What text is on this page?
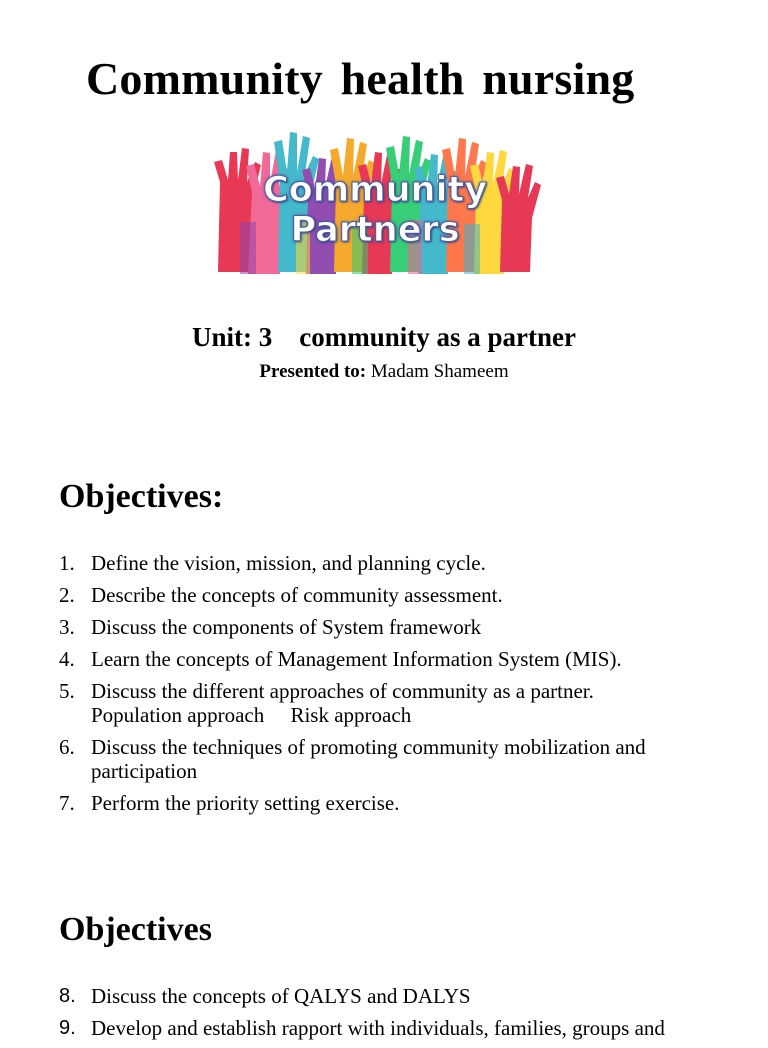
Community health nursing
Community
Partners
Unit: 3 community as a partner
Presented to: Madam Shameem
Objectives:
1. Define the vision, mission, and planning cycle.
2. Describe the concepts of community assessment.
3. Discuss the components of System framework
4. Learn the concepts of Management Information System (MIS).
5. Discuss the different approaches of community as a partner.
Population approach Risk approach
6. Discuss the techniques of promoting community mobilization and participation
7. Perform the priority setting exercise.
Objectives
8. Discuss the concepts of QALYS and DALYS
9. Develop and establish rapport with individuals, families, groups and
